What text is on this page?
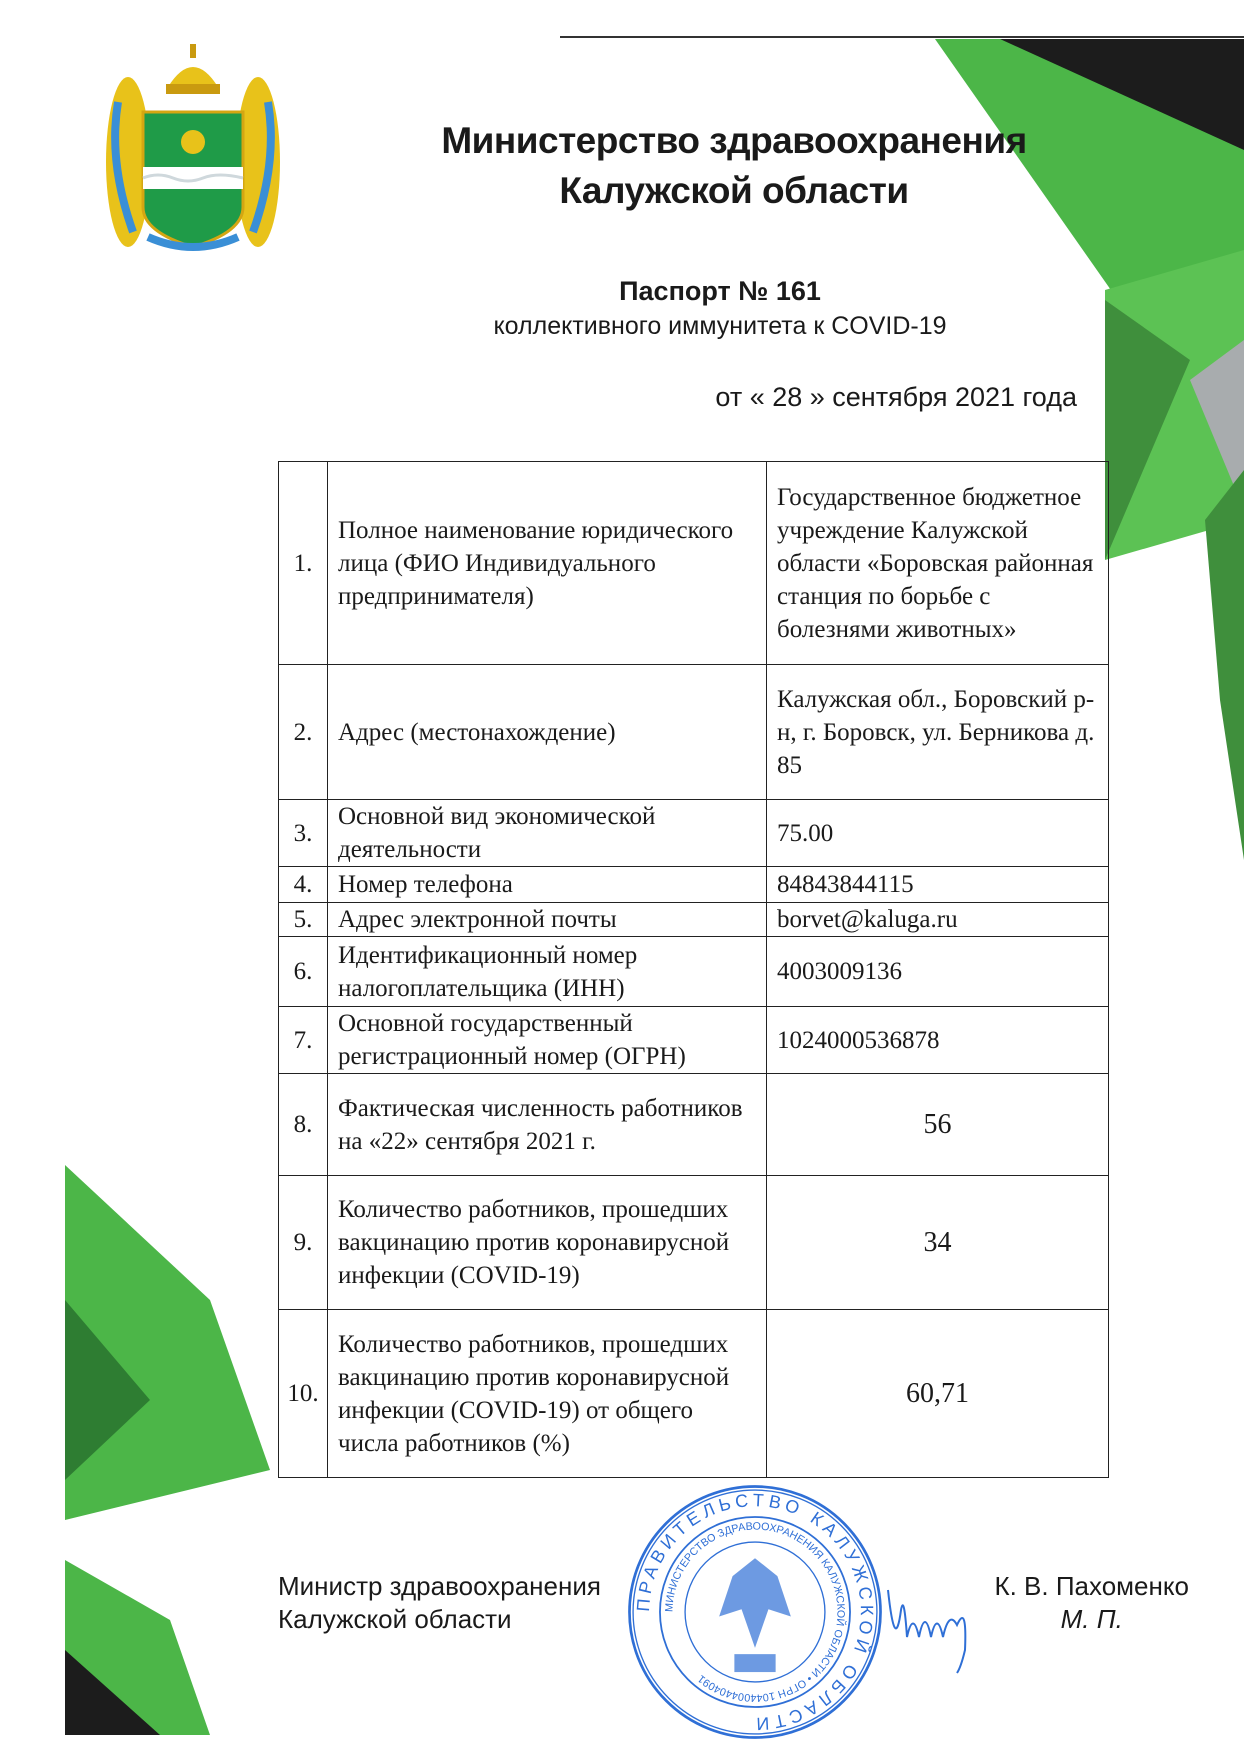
Министерство здравоохранения
Калужской области
Паспорт № 161
коллективного иммунитета к COVID-19
от « 28 » сентября 2021 года
1.	Полное наименование юридического лица (ФИО Индивидуального предпринимателя)	Государственное бюджетное учреждение Калужской области «Боровская районная станция по борьбе с болезнями животных»
2.	Адрес (местонахождение)	Калужская обл., Боровский р-н, г. Боровск, ул. Берникова д. 85
3.	Основной вид экономической деятельности	75.00
4.	Номер телефона	84843844115
5.	Адрес электронной почты	borvet@kaluga.ru
6.	Идентификационный номер налогоплательщика (ИНН)	4003009136
7.	Основной государственный регистрационный номер (ОГРН)	1024000536878
8.	Фактическая численность работников на «22» сентября 2021 г.	56
9.	Количество работников, прошедших вакцинацию против коронавирусной инфекции (COVID-19)	34
10.	Количество работников, прошедших вакцинацию против коронавирусной инфекции (COVID-19) от общего числа работников (%)	60,71
Министр здравоохранения
Калужской области
К. В. Пахоменко
М. П.
ПРАВИТЕЛЬСТВО КАЛУЖСКОЙ ОБЛАСТИ
МИНИСТЕРСТВО ЗДРАВООХРАНЕНИЯ КАЛУЖСКОЙ ОБЛАСТИ • ОГРН 1044004404091
